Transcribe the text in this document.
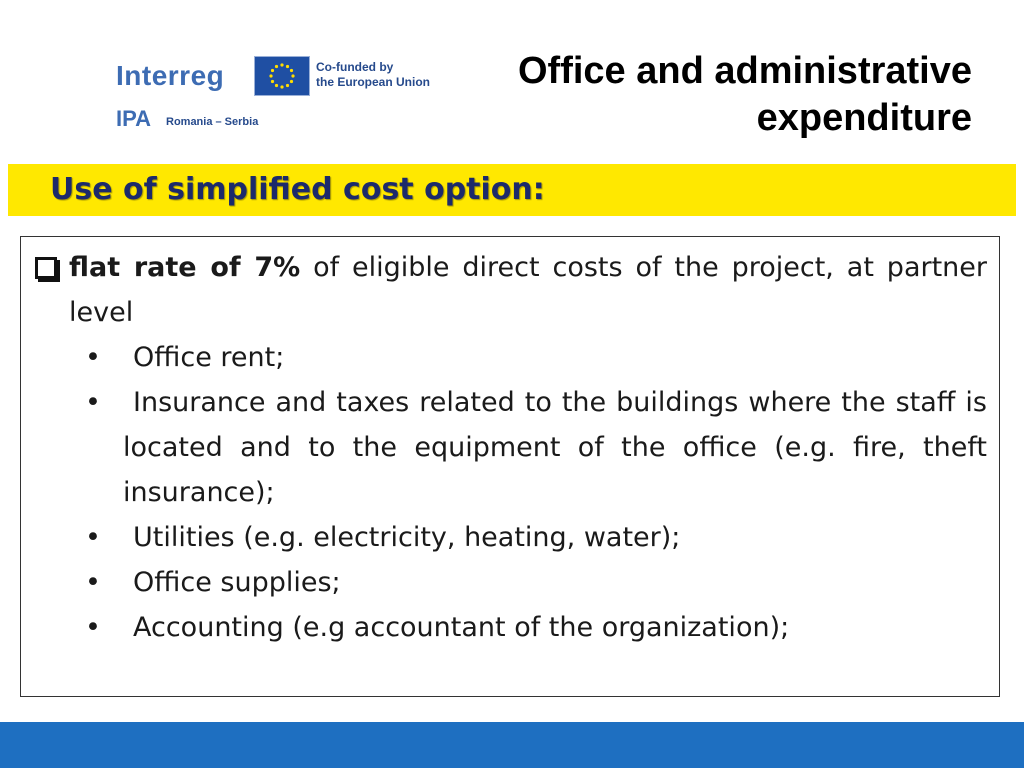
Interreg	Co-funded by
the European Union
IPA Romania – Serbia
Office and administrative
expenditure
Use of simplified cost option:

flat rate of 7% of eligible direct costs of the project, at partner level

• Office rent;
• Insurance and taxes related to the buildings where the staff is located and to the equipment of the office (e.g. fire, theft insurance);
• Utilities (e.g. electricity, heating, water);
• Office supplies;
• Accounting (e.g accountant of the organization);
